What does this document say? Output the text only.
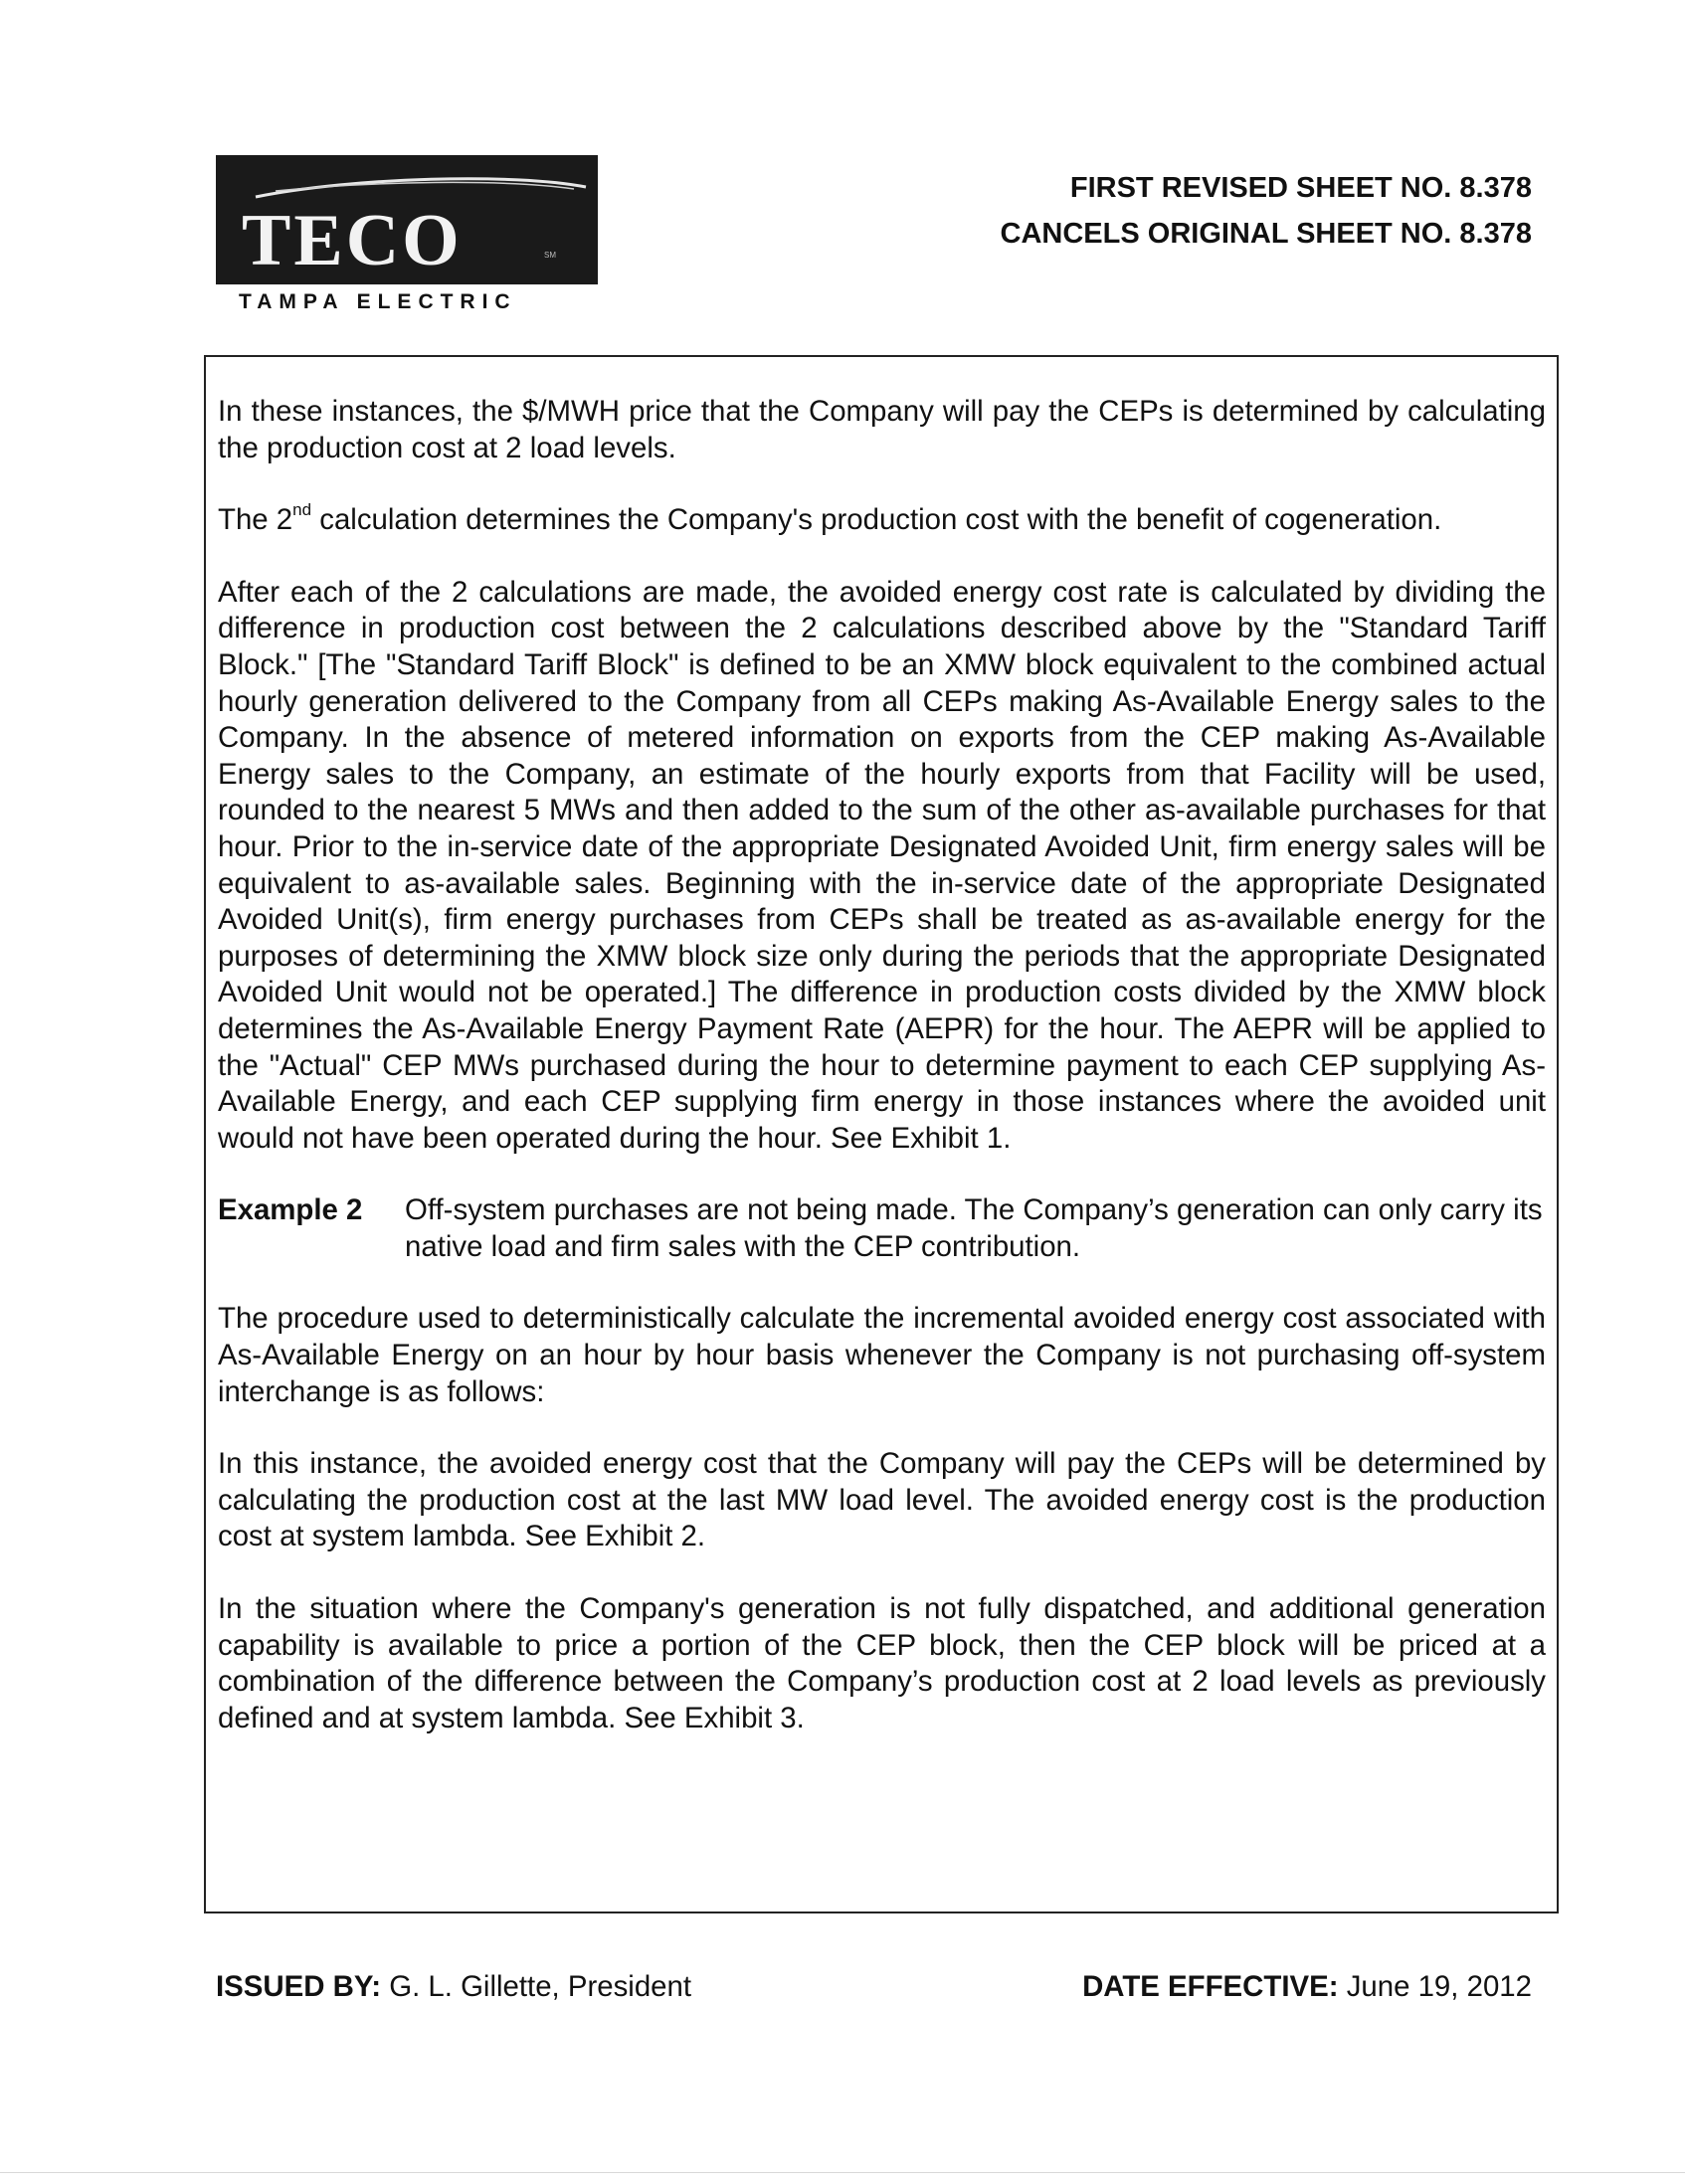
TECO	SM
TAMPA ELECTRIC
FIRST REVISED SHEET NO. 8.378
CANCELS ORIGINAL SHEET NO. 8.378

In these instances, the $/MWH price that the Company will pay the CEPs is determined by calculating the production cost at 2 load levels.

The 2nd calculation determines the Company's production cost with the benefit of cogeneration.

After each of the 2 calculations are made, the avoided energy cost rate is calculated by dividing the difference in production cost between the 2 calculations described above by the "Standard Tariff Block." [The "Standard Tariff Block" is defined to be an XMW block equivalent to the combined actual hourly generation delivered to the Company from all CEPs making As-Available Energy sales to the Company. In the absence of metered information on exports from the CEP making As-Available Energy sales to the Company, an estimate of the hourly exports from that Facility will be used, rounded to the nearest 5 MWs and then added to the sum of the other as-available purchases for that hour. Prior to the in-service date of the appropriate Designated Avoided Unit, firm energy sales will be equivalent to as-available sales. Beginning with the in-service date of the appropriate Designated Avoided Unit(s), firm energy purchases from CEPs shall be treated as as-available energy for the purposes of determining the XMW block size only during the periods that the appropriate Designated Avoided Unit would not be operated.] The difference in production costs divided by the XMW block determines the As-Available Energy Payment Rate (AEPR) for the hour. The AEPR will be applied to the "Actual" CEP MWs purchased during the hour to determine payment to each CEP supplying As-Available Energy, and each CEP supplying firm energy in those instances where the avoided unit would not have been operated during the hour. See Exhibit 1.

Example 2	Off-system purchases are not being made. The Company’s generation can only carry its native load and firm sales with the CEP contribution.

The procedure used to deterministically calculate the incremental avoided energy cost associated with As-Available Energy on an hour by hour basis whenever the Company is not purchasing off-system interchange is as follows:

In this instance, the avoided energy cost that the Company will pay the CEPs will be determined by calculating the production cost at the last MW load level. The avoided energy cost is the production cost at system lambda. See Exhibit 2.

In the situation where the Company's generation is not fully dispatched, and additional generation capability is available to price a portion of the CEP block, then the CEP block will be priced at a combination of the difference between the Company’s production cost at 2 load levels as previously defined and at system lambda. See Exhibit 3.

ISSUED BY: G. L. Gillette, President	DATE EFFECTIVE: June 19, 2012
